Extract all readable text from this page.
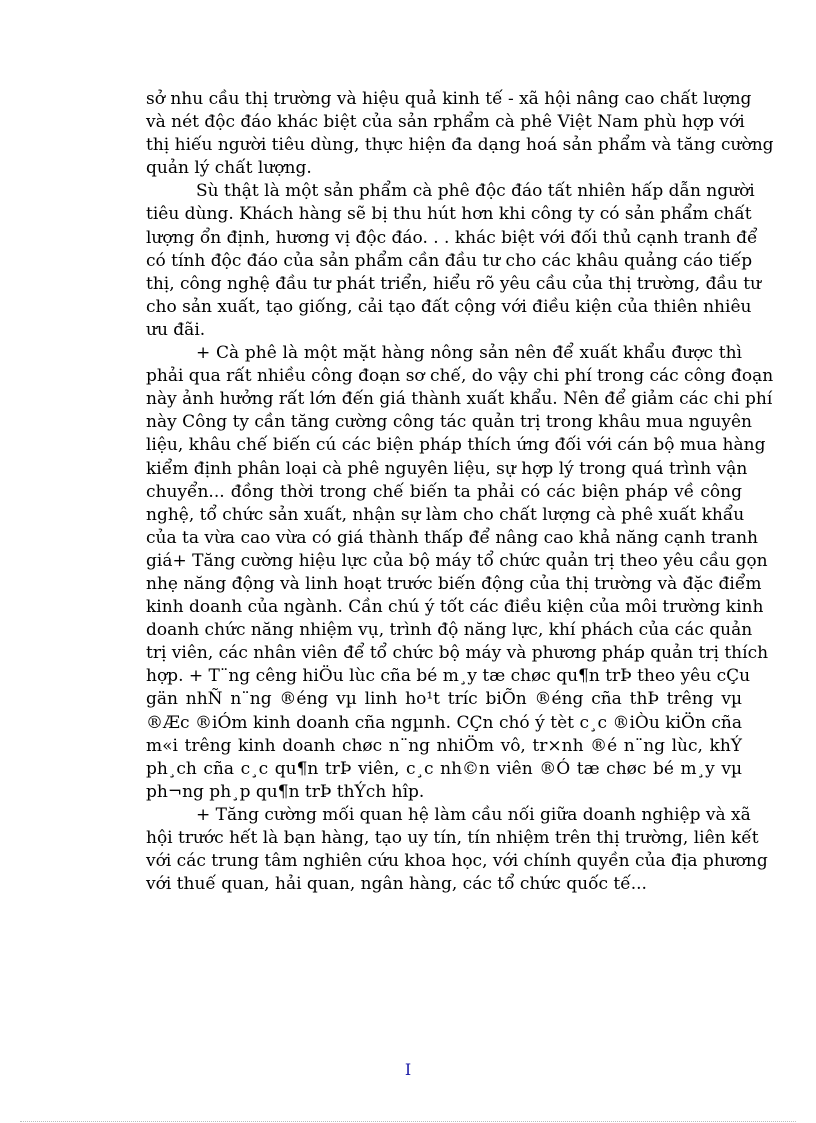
sở nhu cầu thị trường và hiệu quả kinh tế - xã hội nâng cao chất lượng
và nét độc đáo khác biệt của sản rphẩm cà phê Việt Nam phù hợp với
thị hiếu người tiêu dùng, thực hiện đa dạng hoá sản phẩm và tăng cường
quản lý chất lượng.
Sù thật là một sản phẩm cà phê độc đáo tất nhiên hấp dẫn người
tiêu dùng. Khách hàng sẽ bị thu hút hơn khi công ty có sản phẩm chất
lượng ổn định, hương vị độc đáo. . . khác biệt với đối thủ cạnh tranh để
có tính độc đáo của sản phẩm cần đầu tư cho các khâu quảng cáo tiếp
thị, công nghệ đầu tư phát triển, hiểu rõ yêu cầu của thị trường, đầu tư
cho sản xuất, tạo giống, cải tạo đất cộng với điều kiện của thiên nhiêu
ưu đãi.
+ Cà phê là một mặt hàng nông sản nên để xuất khẩu được thì
phải qua rất nhiều công đoạn sơ chế, do vậy chi phí trong các công đoạn
này ảnh hưởng rất lớn đến giá thành xuất khẩu. Nên để giảm các chi phí
này Công ty cần tăng cường công tác quản trị trong khâu mua nguyên
liệu, khâu chế biến cú các biện pháp thích ứng đối với cán bộ mua hàng
kiểm định phân loại cà phê nguyên liệu, sự hợp lý trong quá trình vận
chuyển... đồng thời trong chế biến ta phải có các biện pháp về công
nghệ, tổ chức sản xuất, nhận sự làm cho chất lượng cà phê xuất khẩu
của ta vừa cao vừa có giá thành thấp để nâng cao khả năng cạnh tranh
giá+ Tăng cường hiệu lực của bộ máy tổ chức quản trị theo yêu cầu gọn
nhẹ năng động và linh hoạt trước biến động của thị trường và đặc điểm
kinh doanh của ngành. Cần chú ý tốt các điều kiện của môi trường kinh
doanh chức năng nhiệm vụ, trình độ năng lực, khí phách của các quản
trị viên, các nhân viên để tổ chức bộ máy và phương pháp quản trị thích
hợp. + T¨ng cêng hiÖu lùc cña bé m¸y tæ chøc qu¶n trÞ theo yêu cÇu
gän nhÑ n¨ng ®éng vµ linh ho¹t tríc biÕn ®éng cña thÞ trêng vµ
®Æc ®iÓm kinh doanh cña ngµnh. CÇn chó ý tèt c¸c ®iÒu kiÖn cña
m«i trêng kinh doanh chøc n¨ng nhiÖm vô, tr×nh ®é n¨ng lùc, khÝ
ph¸ch cña c¸c qu¶n trÞ viên, c¸c nh©n viên ®Ó tæ chøc bé m¸y vµ
ph¬ng ph¸p qu¶n trÞ thÝch hîp.
+ Tăng cường mối quan hệ làm cầu nối giữa doanh nghiệp và xã
hội trước hết là bạn hàng, tạo uy tín, tín nhiệm trên thị trường, liên kết
với các trung tâm nghiên cứu khoa học, với chính quyền của địa phương
với thuế quan, hải quan, ngân hàng, các tổ chức quốc tế...
I
